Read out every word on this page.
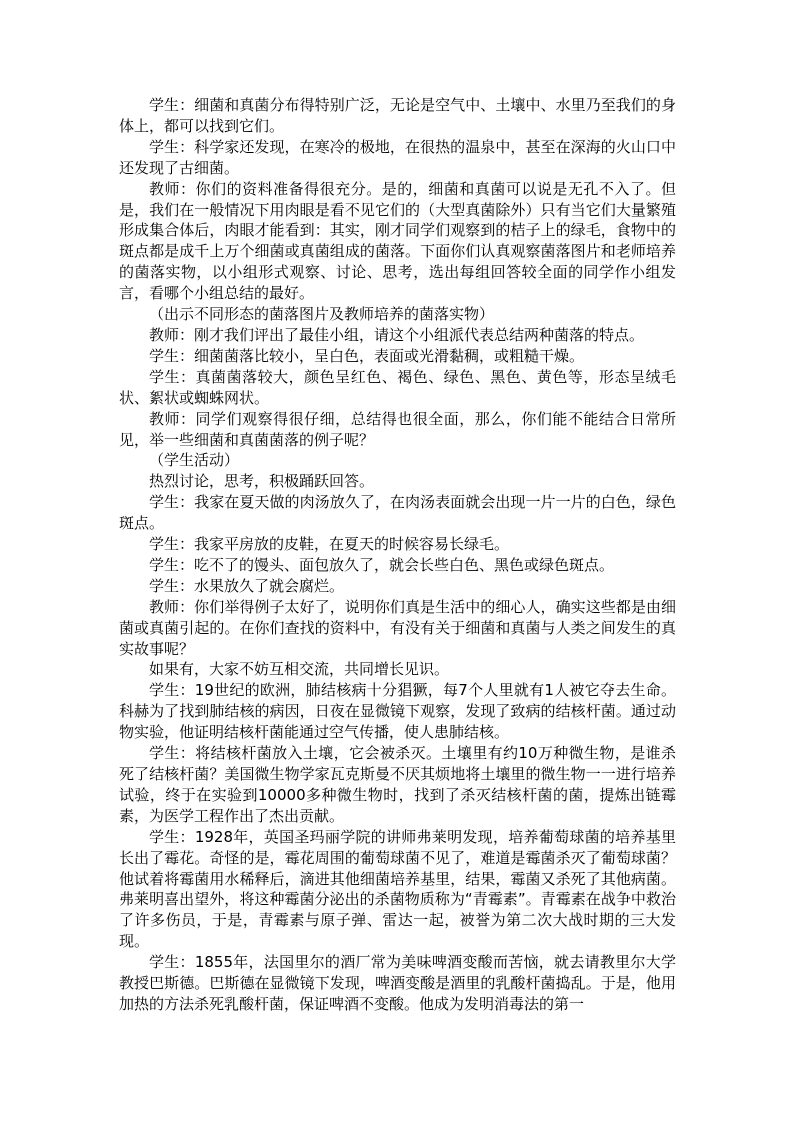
学生：细菌和真菌分布得特别广泛，无论是空气中、土壤中、水里乃至我们的身体上，都可以找到它们。

学生：科学家还发现，在寒冷的极地，在很热的温泉中，甚至在深海的火山口中还发现了古细菌。

教师：你们的资料准备得很充分。是的，细菌和真菌可以说是无孔不入了。但是，我们在一般情况下用肉眼是看不见它们的（大型真菌除外）只有当它们大量繁殖形成集合体后，肉眼才能看到：其实，刚才同学们观察到的桔子上的绿毛，食物中的斑点都是成千上万个细菌或真菌组成的菌落。下面你们认真观察菌落图片和老师培养的菌落实物，以小组形式观察、讨论、思考，选出每组回答较全面的同学作小组发言，看哪个小组总结的最好。

（出示不同形态的菌落图片及教师培养的菌落实物）

教师：刚才我们评出了最佳小组，请这个小组派代表总结两种菌落的特点。

学生：细菌菌落比较小，呈白色，表面或光滑黏稠，或粗糙干燥。

学生：真菌菌落较大，颜色呈红色、褐色、绿色、黑色、黄色等，形态呈绒毛状、絮状或蜘蛛网状。

教师：同学们观察得很仔细，总结得也很全面，那么，你们能不能结合日常所见，举一些细菌和真菌菌落的例子呢？

（学生活动）

热烈讨论，思考，积极踊跃回答。

学生：我家在夏天做的肉汤放久了，在肉汤表面就会出现一片一片的白色，绿色斑点。

学生：我家平房放的皮鞋，在夏天的时候容易长绿毛。

学生：吃不了的馒头、面包放久了，就会长些白色、黑色或绿色斑点。

学生：水果放久了就会腐烂。

教师：你们举得例子太好了，说明你们真是生活中的细心人，确实这些都是由细菌或真菌引起的。在你们查找的资料中，有没有关于细菌和真菌与人类之间发生的真实故事呢？

如果有，大家不妨互相交流，共同增长见识。

学生：19世纪的欧洲，肺结核病十分猖獗，每7个人里就有1人被它夺去生命。科赫为了找到肺结核的病因，日夜在显微镜下观察，发现了致病的结核杆菌。通过动物实验，他证明结核杆菌能通过空气传播，使人患肺结核。

学生：将结核杆菌放入土壤，它会被杀灭。土壤里有约10万种微生物，是谁杀死了结核杆菌？美国微生物学家瓦克斯曼不厌其烦地将土壤里的微生物一一进行培养试验，终于在实验到10000多种微生物时，找到了杀灭结核杆菌的菌，提炼出链霉素，为医学工程作出了杰出贡献。

学生：1928年，英国圣玛丽学院的讲师弗莱明发现，培养葡萄球菌的培养基里长出了霉花。奇怪的是，霉花周围的葡萄球菌不见了，难道是霉菌杀灭了葡萄球菌？他试着将霉菌用水稀释后，滴进其他细菌培养基里，结果，霉菌又杀死了其他病菌。弗莱明喜出望外，将这种霉菌分泌出的杀菌物质称为“青霉素”。青霉素在战争中救治了许多伤员，于是，青霉素与原子弹、雷达一起，被誉为第二次大战时期的三大发现。

学生：1855年，法国里尔的酒厂常为美味啤酒变酸而苦恼，就去请教里尔大学教授巴斯德。巴斯德在显微镜下发现，啤酒变酸是酒里的乳酸杆菌捣乱。于是，他用加热的方法杀死乳酸杆菌，保证啤酒不变酸。他成为发明消毒法的第一
